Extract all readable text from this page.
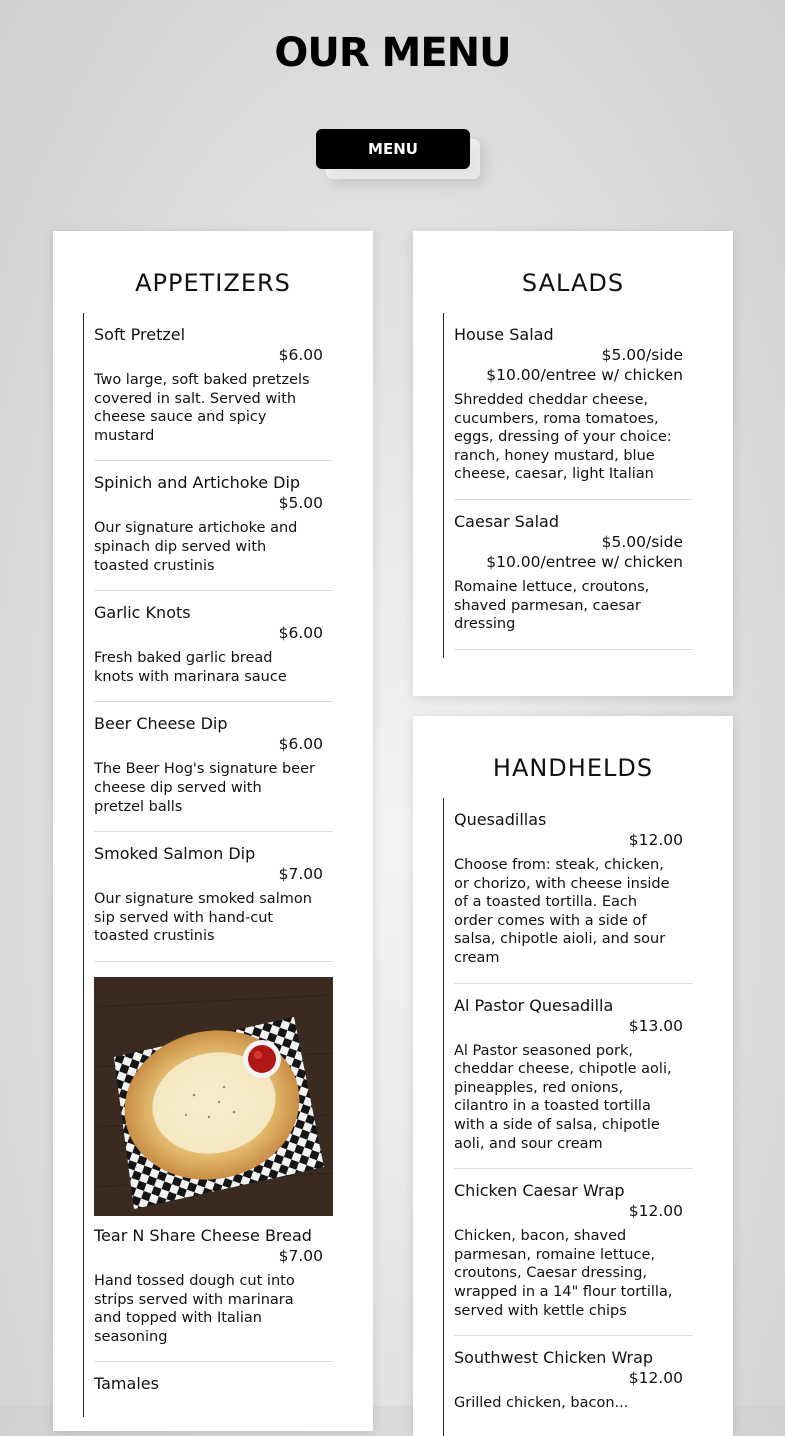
OUR MENU
MENU
APPETIZERS
Soft Pretzel
$6.00
Two large, soft baked pretzels covered in salt. Served with cheese sauce and spicy mustard
Spinich and Artichoke Dip
$5.00
Our signature artichoke and spinach dip served with toasted crustinis
Garlic Knots
$6.00
Fresh baked garlic bread knots with marinara sauce
Beer Cheese Dip
$6.00
The Beer Hog's signature beer cheese dip served with pretzel balls
Smoked Salmon Dip
$7.00
Our signature smoked salmon sip served with hand-cut toasted crustinis
Tear N Share Cheese Bread
$7.00
Hand tossed dough cut into strips served with marinara and topped with Italian seasoning
Tamales
SALADS
House Salad
$5.00/side
$10.00/entree w/ chicken
Shredded cheddar cheese, cucumbers, roma tomatoes, eggs, dressing of your choice: ranch, honey mustard, blue cheese, caesar, light Italian
Caesar Salad
$5.00/side
$10.00/entree w/ chicken
Romaine lettuce, croutons, shaved parmesan, caesar dressing
HANDHELDS
Quesadillas
$12.00
Choose from: steak, chicken, or chorizo, with cheese inside of a toasted tortilla. Each order comes with a side of salsa, chipotle aioli, and sour cream
Al Pastor Quesadilla
$13.00
Al Pastor seasoned pork, cheddar cheese, chipotle aoli, pineapples, red onions, cilantro in a toasted tortilla with a side of salsa, chipotle aoli, and sour cream
Chicken Caesar Wrap
$12.00
Chicken, bacon, shaved parmesan, romaine lettuce, croutons, Caesar dressing, wrapped in a 14" flour tortilla, served with kettle chips
Southwest Chicken Wrap
$12.00
Grilled chicken, bacon...
